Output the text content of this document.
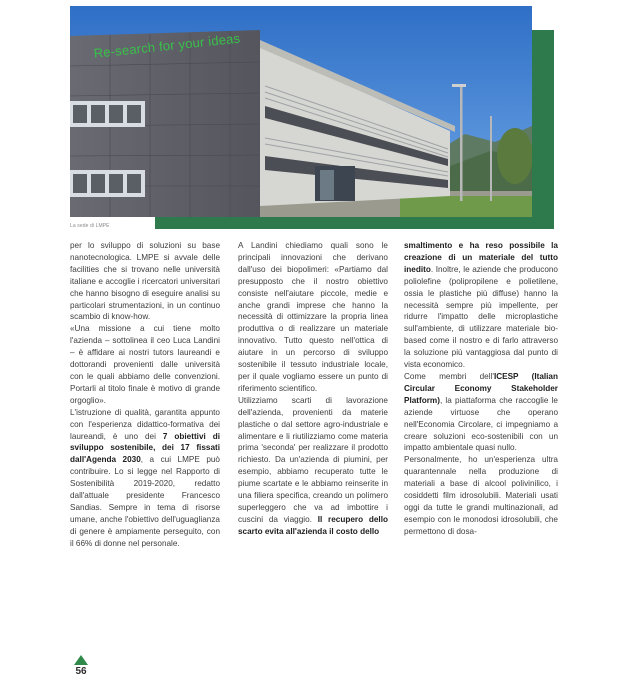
Re-search for your ideas
La sede di LMPE

per lo sviluppo di soluzioni su base nanotecnologica. LMPE si avvale delle facilities che si trovano nelle università italiane e accoglie i ricercatori universitari che hanno bisogno di eseguire analisi su particolari strumentazioni, in un continuo scambio di know-how.

«Una missione a cui tiene molto l'azienda – sottolinea il ceo Luca Landini – è affidare ai nostri tutors laureandi e dottorandi provenienti dalle università con le quali abbiamo delle convenzioni. Portarli al titolo finale è motivo di grande orgoglio».

L'istruzione di qualità, garantita appunto con l'esperienza didattico-formativa dei laureandi, è uno dei 7 obiettivi di sviluppo sostenibile, dei 17 fissati dall'Agenda 2030, a cui LMPE può contribuire. Lo si legge nel Rapporto di Sostenibilità 2019-2020, redatto dall'attuale presidente Francesco Sandias. Sempre in tema di risorse umane, anche l'obiettivo dell'uguaglianza di genere è ampiamente perseguito, con il 66% di donne nel personale.

A Landini chiediamo quali sono le principali innovazioni che derivano dall'uso dei biopolimeri: «Partiamo dal presupposto che il nostro obiettivo consiste nell'aiutare piccole, medie e anche grandi imprese che hanno la necessità di ottimizzare la propria linea produttiva o di realizzare un materiale innovativo. Tutto questo nell'ottica di aiutare in un percorso di sviluppo sostenibile il tessuto industriale locale, per il quale vogliamo essere un punto di riferimento scientifico.

Utilizziamo scarti di lavorazione dell'azienda, provenienti da materie plastiche o dal settore agro-industriale e alimentare e li riutilizziamo come materia prima 'seconda' per realizzare il prodotto richiesto. Da un'azienda di piumini, per esempio, abbiamo recuperato tutte le piume scartate e le abbiamo reinserite in una filiera specifica, creando un polimero superleggero che va ad imbottire i cuscini da viaggio. Il recupero dello scarto evita all'azienda il costo dello

smaltimento e ha reso possibile la creazione di un materiale del tutto inedito. Inoltre, le aziende che producono poliolefine (polipropilene e polietilene, ossia le plastiche più diffuse) hanno la necessità sempre più impellente, per ridurre l'impatto delle microplastiche sull'ambiente, di utilizzare materiale bio-based come il nostro e di farlo attraverso la soluzione più vantaggiosa dal punto di vista economico.

Come membri dell'ICESP (Italian Circular Economy Stakeholder Platform), la piattaforma che raccoglie le aziende virtuose che operano nell'Economia Circolare, ci impegniamo a creare soluzioni eco-sostenibili con un impatto ambientale quasi nullo.

Personalmente, ho un'esperienza ultra quarantennale nella produzione di materiali a base di alcool polivinilico, i cosiddetti film idrosolubili. Materiali usati oggi da tutte le grandi multinazionali, ad esempio con le monodosi idrosolubili, che permettono di dosa-

56
